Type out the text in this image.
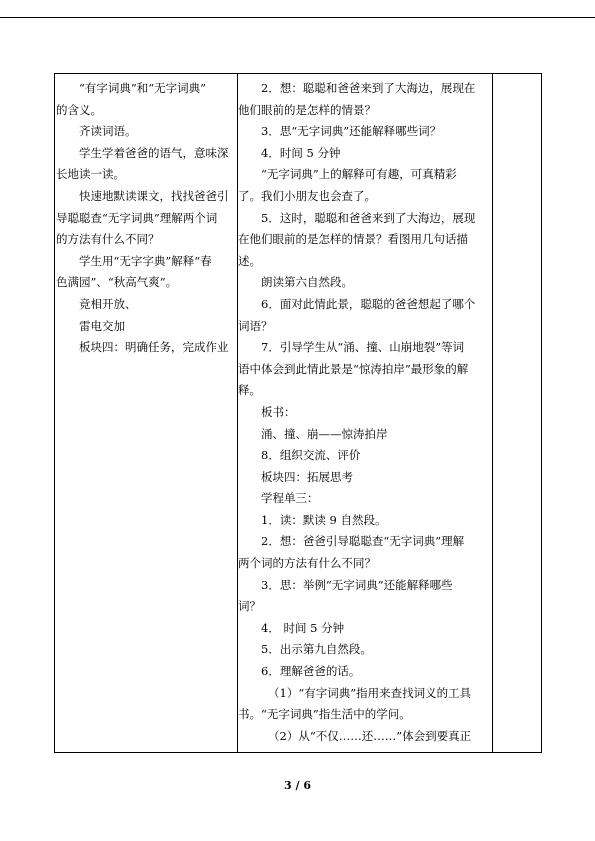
“有字词典”和“无字词典”

的含义。

齐读词语。

学生学着爸爸的语气，意味深

长地读一读。

快速地默读课文，找找爸爸引

导聪聪查“无字词典”理解两个词

的方法有什么不同？

学生用“无字字典”解释“春

色满园”、“秋高气爽”。

竞相开放、

雷电交加

板块四：明确任务，完成作业

2．想：聪聪和爸爸来到了大海边，展现在

他们眼前的是怎样的情景？

3．思“无字词典”还能解释哪些词？

4．时间 5 分钟

“无字词典”上的解释可有趣，可真精彩

了。我们小朋友也会查了。

5．这时，聪聪和爸爸来到了大海边，展现

在他们眼前的是怎样的情景？看图用几句话描

述。

朗读第六自然段。

6．面对此情此景，聪聪的爸爸想起了哪个

词语？

7．引导学生从“涌、撞、山崩地裂”等词

语中体会到此情此景是“惊涛拍岸”最形象的解

释。

板书：

涌、撞、崩——惊涛拍岸

8．组织交流、评价

板块四：拓展思考

学程单三：

1．读：默读 9 自然段。

2．想：爸爸引导聪聪查“无字词典”理解

两个词的方法有什么不同？

3．思：举例“无字词典”还能解释哪些

词？

4． 时间 5 分钟

5．出示第九自然段。

6．理解爸爸的话。

（1）“有字词典”指用来查找词义的工具

书。“无字词典”指生活中的学问。

（2）从“不仅……还……”体会到要真正

3 / 6
